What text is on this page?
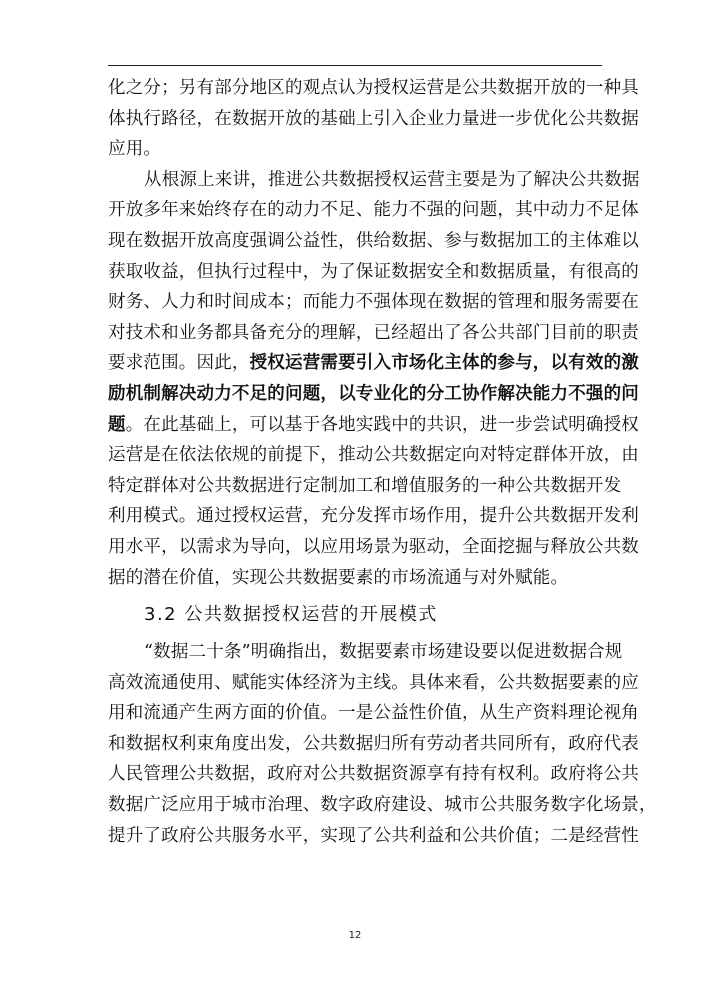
化之分；另有部分地区的观点认为授权运营是公共数据开放的一种具
体执行路径，在数据开放的基础上引入企业力量进一步优化公共数据
应用。
从根源上来讲，推进公共数据授权运营主要是为了解决公共数据
开放多年来始终存在的动力不足、能力不强的问题，其中动力不足体
现在数据开放高度强调公益性，供给数据、参与数据加工的主体难以
获取收益，但执行过程中，为了保证数据安全和数据质量，有很高的
财务、人力和时间成本；而能力不强体现在数据的管理和服务需要在
对技术和业务都具备充分的理解，已经超出了各公共部门目前的职责
要求范围。因此，授权运营需要引入市场化主体的参与，以有效的激
励机制解决动力不足的问题，以专业化的分工协作解决能力不强的问
题。在此基础上，可以基于各地实践中的共识，进一步尝试明确授权
运营是在依法依规的前提下，推动公共数据定向对特定群体开放，由
特定群体对公共数据进行定制加工和增值服务的一种公共数据开发
利用模式。通过授权运营，充分发挥市场作用，提升公共数据开发利
用水平，以需求为导向，以应用场景为驱动，全面挖掘与释放公共数
据的潜在价值，实现公共数据要素的市场流通与对外赋能。
3.2 公共数据授权运营的开展模式
“数据二十条”明确指出，数据要素市场建设要以促进数据合规
高效流通使用、赋能实体经济为主线。具体来看，公共数据要素的应
用和流通产生两方面的价值。一是公益性价值，从生产资料理论视角
和数据权利束角度出发，公共数据归所有劳动者共同所有，政府代表
人民管理公共数据，政府对公共数据资源享有持有权利。政府将公共
数据广泛应用于城市治理、数字政府建设、城市公共服务数字化场景，
提升了政府公共服务水平，实现了公共利益和公共价值；二是经营性
12
